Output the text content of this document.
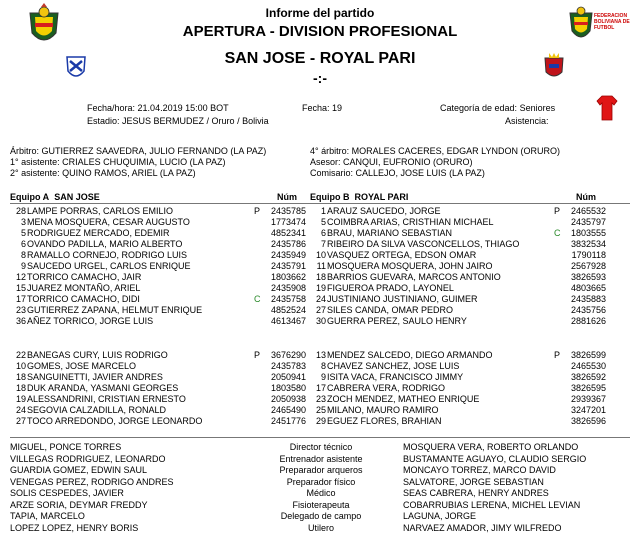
FEDERACION BOLIVIANA DE FUTBOL
Informe del partido
APERTURA - DIVISION PROFESIONAL
SAN JOSE - ROYAL PARI
-:-
Fecha/hora: 21.04.2019 15:00 BOT	Fecha: 19	Categoría de edad: Seniores
Estadio: JESUS BERMUDEZ / Oruro / Bolivia	Asistencia:
Árbitro: GUTIERREZ SAAVEDRA, JULIO FERNANDO (LA PAZ)
1° asistente: CRIALES CHUQUIMIA, LUCIO (LA PAZ)
2° asistente: QUINO RAMOS, ARIEL (LA PAZ)
4° árbitro: MORALES CACERES, EDGAR LYNDON (ORURO)
Asesor: CANQUI, EUFRONIO (ORURO)
Comisario: CALLEJO, JOSE LUIS (LA PAZ)
Equipo A SAN JOSE	Núm Equipo B ROYAL PARI	Núm
28 LAMPE PORRAS, CARLOS EMILIO	P	2435785
3 MENA MOSQUERA, CESAR AUGUSTO	1773474
5 RODRIGUEZ MERCADO, EDEMIR	4852341
6 OVANDO PADILLA, MARIO ALBERTO	2435786
8 RAMALLO CORNEJO, RODRIGO LUIS	2435949
9 SAUCEDO URGEL, CARLOS ENRIQUE	2435791
12 TORRICO CAMACHO, JAIR	1803662
15 JUAREZ MONTAÑO, ARIEL	2435908
17 TORRICO CAMACHO, DIDI	C	2435758
23 GUTIERREZ ZAPANA, HELMUT ENRIQUE	4852524
36 AÑEZ TORRICO, JORGE LUIS	4613467
1 ARAUZ SAUCEDO, JORGE	P	2465532
5 COIMBRA ARIAS, CRISTHIAN MICHAEL	2435797
6 BRAU, MARIANO SEBASTIAN	C	1803555
7 RIBEIRO DA SILVA VASCONCELLOS, THIAGO	3832534
10 VASQUEZ ORTEGA, EDSON OMAR	1790118
11 MOSQUERA MOSQUERA, JOHN JAIRO	2567928
18 BARRIOS GUEVARA, MARCOS ANTONIO	3826593
19 FIGUEROA PRADO, LAYONEL	4803665
24 JUSTINIANO JUSTINIANO, GUIMER	2435883
27 SILES CANDA, OMAR PEDRO	2435756
30 GUERRA PEREZ, SAULO HENRY	2881626
22 BANEGAS CURY, LUIS RODRIGO	P	3676290
10 GOMES, JOSE MARCELO	2435783
18 SANGUINETTI, JAVIER ANDRES	2050941
18 DUK ARANDA, YASMANI GEORGES	1803580
19 ALESSANDRINI, CRISTIAN ERNESTO	2050938
24 SEGOVIA CALZADILLA, RONALD	2465490
27 TOCO ARREDONDO, JORGE LEONARDO	2451776
13 MENDEZ SALCEDO, DIEGO ARMANDO	P	3826599
8 CHAVEZ SANCHEZ, JOSE LUIS	2465530
9 ISITA VACA, FRANCISCO JIMMY	3826592
17 CABRERA VERA, RODRIGO	3826595
23 ZOCH MENDEZ, MATHEO ENRIQUE	2939367
25 MILANO, MAURO RAMIRO	3247201
29 EGUEZ FLORES, BRAHIAN	3826596
MIGUEL, PONCE TORRES	Director técnico	MOSQUERA VERA, ROBERTO ORLANDO
VILLEGAS RODRIGUEZ, LEONARDO	Entrenador asistente	BUSTAMANTE AGUAYO, CLAUDIO SERGIO
GUARDIA GOMEZ, EDWIN SAUL	Preparador arqueros	MONCAYO TORREZ, MARCO DAVID
VENEGAS PEREZ, RODRIGO ANDRES	Preparador físico	SALVATORE, JORGE SEBASTIAN
SOLIS CESPEDES, JAVIER	Médico	SEAS CABRERA, HENRY ANDRES
ARZE SORIA, DEYMAR FREDDY	Fisioterapeuta	COBARRUBIAS LERENA, MICHEL LEVIAN
TAPIA, MARCELO	Delegado de campo	LAGUNA, JORGE
LOPEZ LOPEZ, HENRY BORIS	Utilero	NARVAEZ AMADOR, JIMY WILFREDO
